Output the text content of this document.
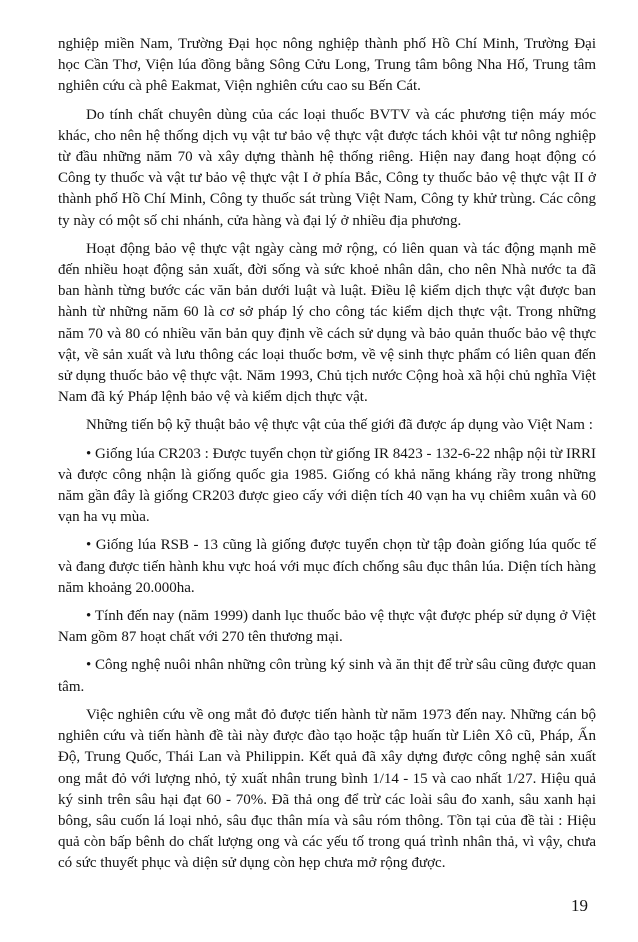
nghiệp miền Nam, Trường Đại học nông nghiệp thành phố Hồ Chí Minh, Trường Đại học Cần Thơ, Viện lúa đồng bằng Sông Cửu Long, Trung tâm bông Nha Hố, Trung tâm nghiên cứu cà phê Eakmat, Viện nghiên cứu cao su Bến Cát.

Do tính chất chuyên dùng của các loại thuốc BVTV và các phương tiện máy móc khác, cho nên hệ thống dịch vụ vật tư bảo vệ thực vật được tách khỏi vật tư nông nghiệp từ đầu những năm 70 và xây dựng thành hệ thống riêng. Hiện nay đang hoạt động có Công ty thuốc và vật tư bảo vệ thực vật I ở phía Bắc, Công ty thuốc bảo vệ thực vật II ở thành phố Hồ Chí Minh, Công ty thuốc sát trùng Việt Nam, Công ty khử trùng. Các công ty này có một số chi nhánh, cửa hàng và đại lý ở nhiều địa phương.

Hoạt động bảo vệ thực vật ngày càng mở rộng, có liên quan và tác động mạnh mẽ đến nhiều hoạt động sản xuất, đời sống và sức khoẻ nhân dân, cho nên Nhà nước ta đã ban hành từng bước các văn bản dưới luật và luật. Điều lệ kiểm dịch thực vật được ban hành từ những năm 60 là cơ sở pháp lý cho công tác kiểm dịch thực vật. Trong những năm 70 và 80 có nhiều văn bản quy định về cách sử dụng và bảo quản thuốc bảo vệ thực vật, về sản xuất và lưu thông các loại thuốc bơm, về vệ sinh thực phẩm có liên quan đến sử dụng thuốc bảo vệ thực vật. Năm 1993, Chủ tịch nước Cộng hoà xã hội chủ nghĩa Việt Nam đã ký Pháp lệnh bảo vệ và kiểm dịch thực vật.

Những tiến bộ kỹ thuật bảo vệ thực vật của thế giới đã được áp dụng vào Việt Nam :

• Giống lúa CR203 : Được tuyển chọn từ giống IR 8423 - 132-6-22 nhập nội từ IRRI và được công nhận là giống quốc gia 1985. Giống có khả năng kháng rầy trong những năm gần đây là giống CR203 được gieo cấy với diện tích 40 vạn ha vụ chiêm xuân và 60 vạn ha vụ mùa.

• Giống lúa RSB - 13 cũng là giống được tuyển chọn từ tập đoàn giống lúa quốc tế và đang được tiến hành khu vực hoá với mục đích chống sâu đục thân lúa. Diện tích hàng năm khoảng 20.000ha.

• Tính đến nay (năm 1999) danh lục thuốc bảo vệ thực vật được phép sử dụng ở Việt Nam gồm 87 hoạt chất với 270 tên thương mại.

• Công nghệ nuôi nhân những côn trùng ký sinh và ăn thịt để trừ sâu cũng được quan tâm.

Việc nghiên cứu về ong mắt đỏ được tiến hành từ năm 1973 đến nay. Những cán bộ nghiên cứu và tiến hành đề tài này được đào tạo hoặc tập huấn từ Liên Xô cũ, Pháp, Ấn Độ, Trung Quốc, Thái Lan và Philippin. Kết quả đã xây dựng được công nghệ sản xuất ong mắt đỏ với lượng nhỏ, tỷ xuất nhân trung bình 1/14 - 15 và cao nhất 1/27. Hiệu quả ký sinh trên sâu hại đạt 60 - 70%. Đã thả ong để trừ các loài sâu đo xanh, sâu xanh hại bông, sâu cuốn lá loại nhỏ, sâu đục thân mía và sâu róm thông. Tồn tại của đề tài : Hiệu quả còn bấp bênh do chất lượng ong và các yếu tố trong quá trình nhân thả, vì vậy, chưa có sức thuyết phục và diện sử dụng còn hẹp chưa mở rộng được.

19
